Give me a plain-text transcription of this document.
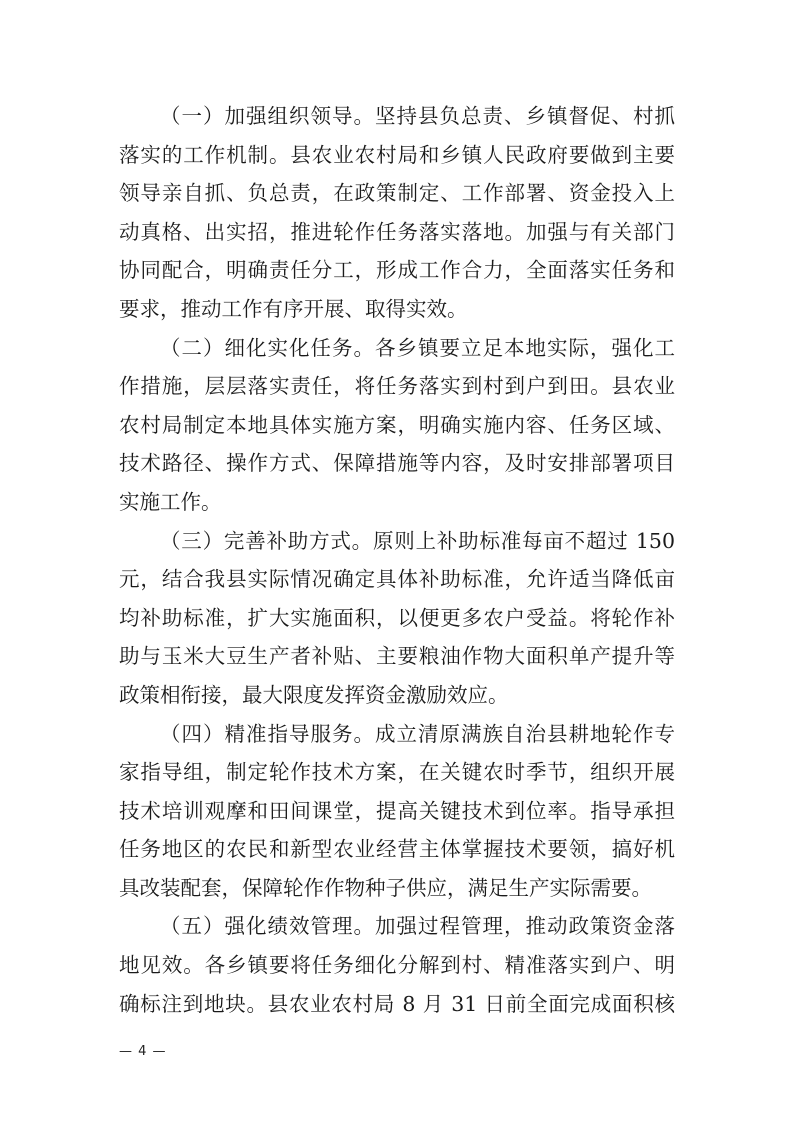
（一）加强组织领导。坚持县负总责、乡镇督促、村抓
落实的工作机制。县农业农村局和乡镇人民政府要做到主要
领导亲自抓、负总责，在政策制定、工作部署、资金投入上
动真格、出实招，推进轮作任务落实落地。加强与有关部门
协同配合，明确责任分工，形成工作合力，全面落实任务和
要求，推动工作有序开展、取得实效。
（二）细化实化任务。各乡镇要立足本地实际，强化工
作措施，层层落实责任，将任务落实到村到户到田。县农业
农村局制定本地具体实施方案，明确实施内容、任务区域、
技术路径、操作方式、保障措施等内容，及时安排部署项目
实施工作。
（三）完善补助方式。原则上补助标准每亩不超过 150
元，结合我县实际情况确定具体补助标准，允许适当降低亩
均补助标准，扩大实施面积，以便更多农户受益。将轮作补
助与玉米大豆生产者补贴、主要粮油作物大面积单产提升等
政策相衔接，最大限度发挥资金激励效应。
（四）精准指导服务。成立清原满族自治县耕地轮作专
家指导组，制定轮作技术方案，在关键农时季节，组织开展
技术培训观摩和田间课堂，提高关键技术到位率。指导承担
任务地区的农民和新型农业经营主体掌握技术要领，搞好机
具改装配套，保障轮作作物种子供应，满足生产实际需要。
（五）强化绩效管理。加强过程管理，推动政策资金落
地见效。各乡镇要将任务细化分解到村、精准落实到户、明
确标注到地块。县农业农村局 8 月 31 日前全面完成面积核
— 4 —
